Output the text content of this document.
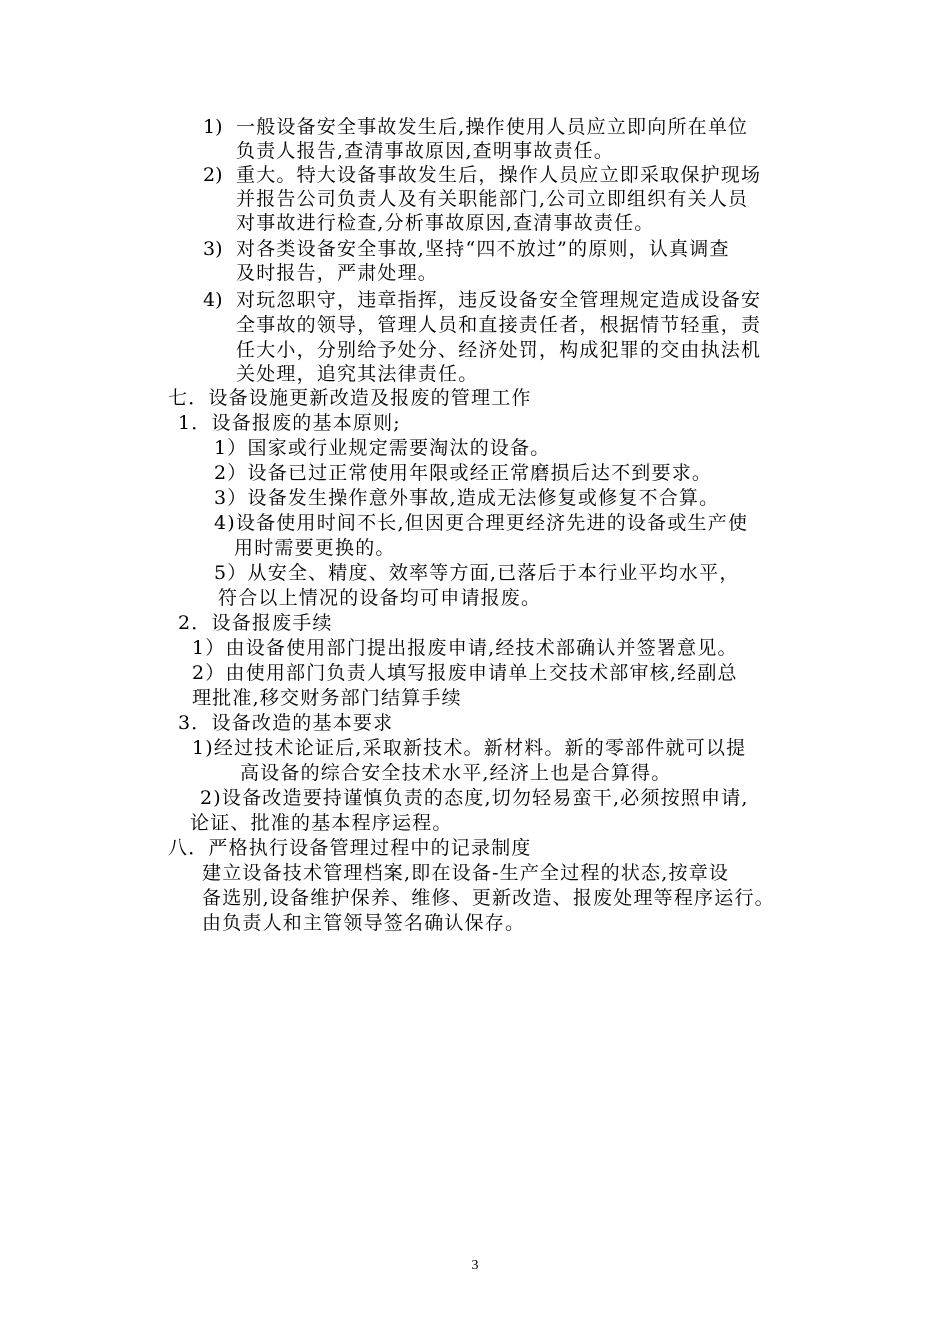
1) 一般设备安全事故发生后,操作使用人员应立即向所在单位
负责人报告,查清事故原因,查明事故责任。
2) 重大。特大设备事故发生后，操作人员应立即采取保护现场
并报告公司负责人及有关职能部门,公司立即组织有关人员
对事故进行检查,分析事故原因,查清事故责任。
3) 对各类设备安全事故,坚持“四不放过”的原则，认真调查
及时报告，严肃处理。
4) 对玩忽职守，违章指挥，违反设备安全管理规定造成设备安
全事故的领导，管理人员和直接责任者，根据情节轻重，责
任大小，分别给予处分、经济处罚，构成犯罪的交由执法机
关处理，追究其法律责任。
七．设备设施更新改造及报废的管理工作
1．设备报废的基本原则;
1）国家或行业规定需要淘汰的设备。
2）设备已过正常使用年限或经正常磨损后达不到要求。
3）设备发生操作意外事故,造成无法修复或修复不合算。
4)设备使用时间不长,但因更合理更经济先进的设备或生产使
用时需要更换的。
5）从安全、精度、效率等方面,已落后于本行业平均水平，
符合以上情况的设备均可申请报废。
2．设备报废手续
1）由设备使用部门提出报废申请,经技术部确认并签署意见。
2）由使用部门负责人填写报废申请单上交技术部审核,经副总
理批准,移交财务部门结算手续
3．设备改造的基本要求
1)经过技术论证后,采取新技术。新材料。新的零部件就可以提
高设备的综合安全技术水平,经济上也是合算得。
2)设备改造要持谨慎负责的态度,切勿轻易蛮干,必须按照申请,
论证、批准的基本程序运程。
八．严格执行设备管理过程中的记录制度
建立设备技术管理档案,即在设备-生产全过程的状态,按章设
备选别,设备维护保养、维修、更新改造、报废处理等程序运行。
由负责人和主管领导签名确认保存。
3
